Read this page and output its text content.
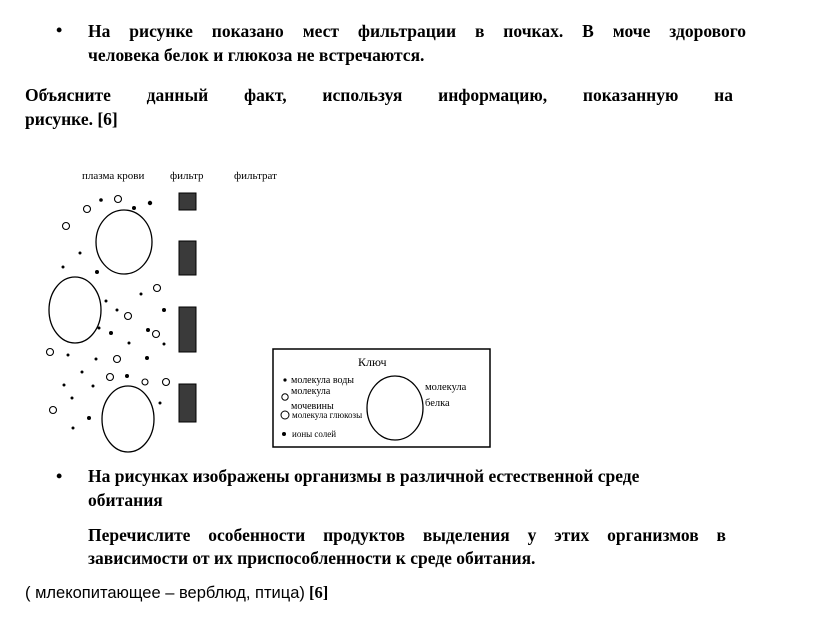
• На рисунке показано мест фильтрации в почках. В моче здорового
человека белок и глюкоза не встречаются.
Объясните данный факт, используя информацию, показанную на
рисунке. [6]
плазма крови фильтр	фильтрат
Ключ
молекула воды
молекула
мочевины
молекула глюкозы
ионы солей
молекула
белка
• На рисунках изображены организмы в различной естественной среде
обитания
Перечислите особенности продуктов выделения у этих организмов в
зависимости от их приспособленности к среде обитания.
( млекопитающее – верблюд, птица) [6]
